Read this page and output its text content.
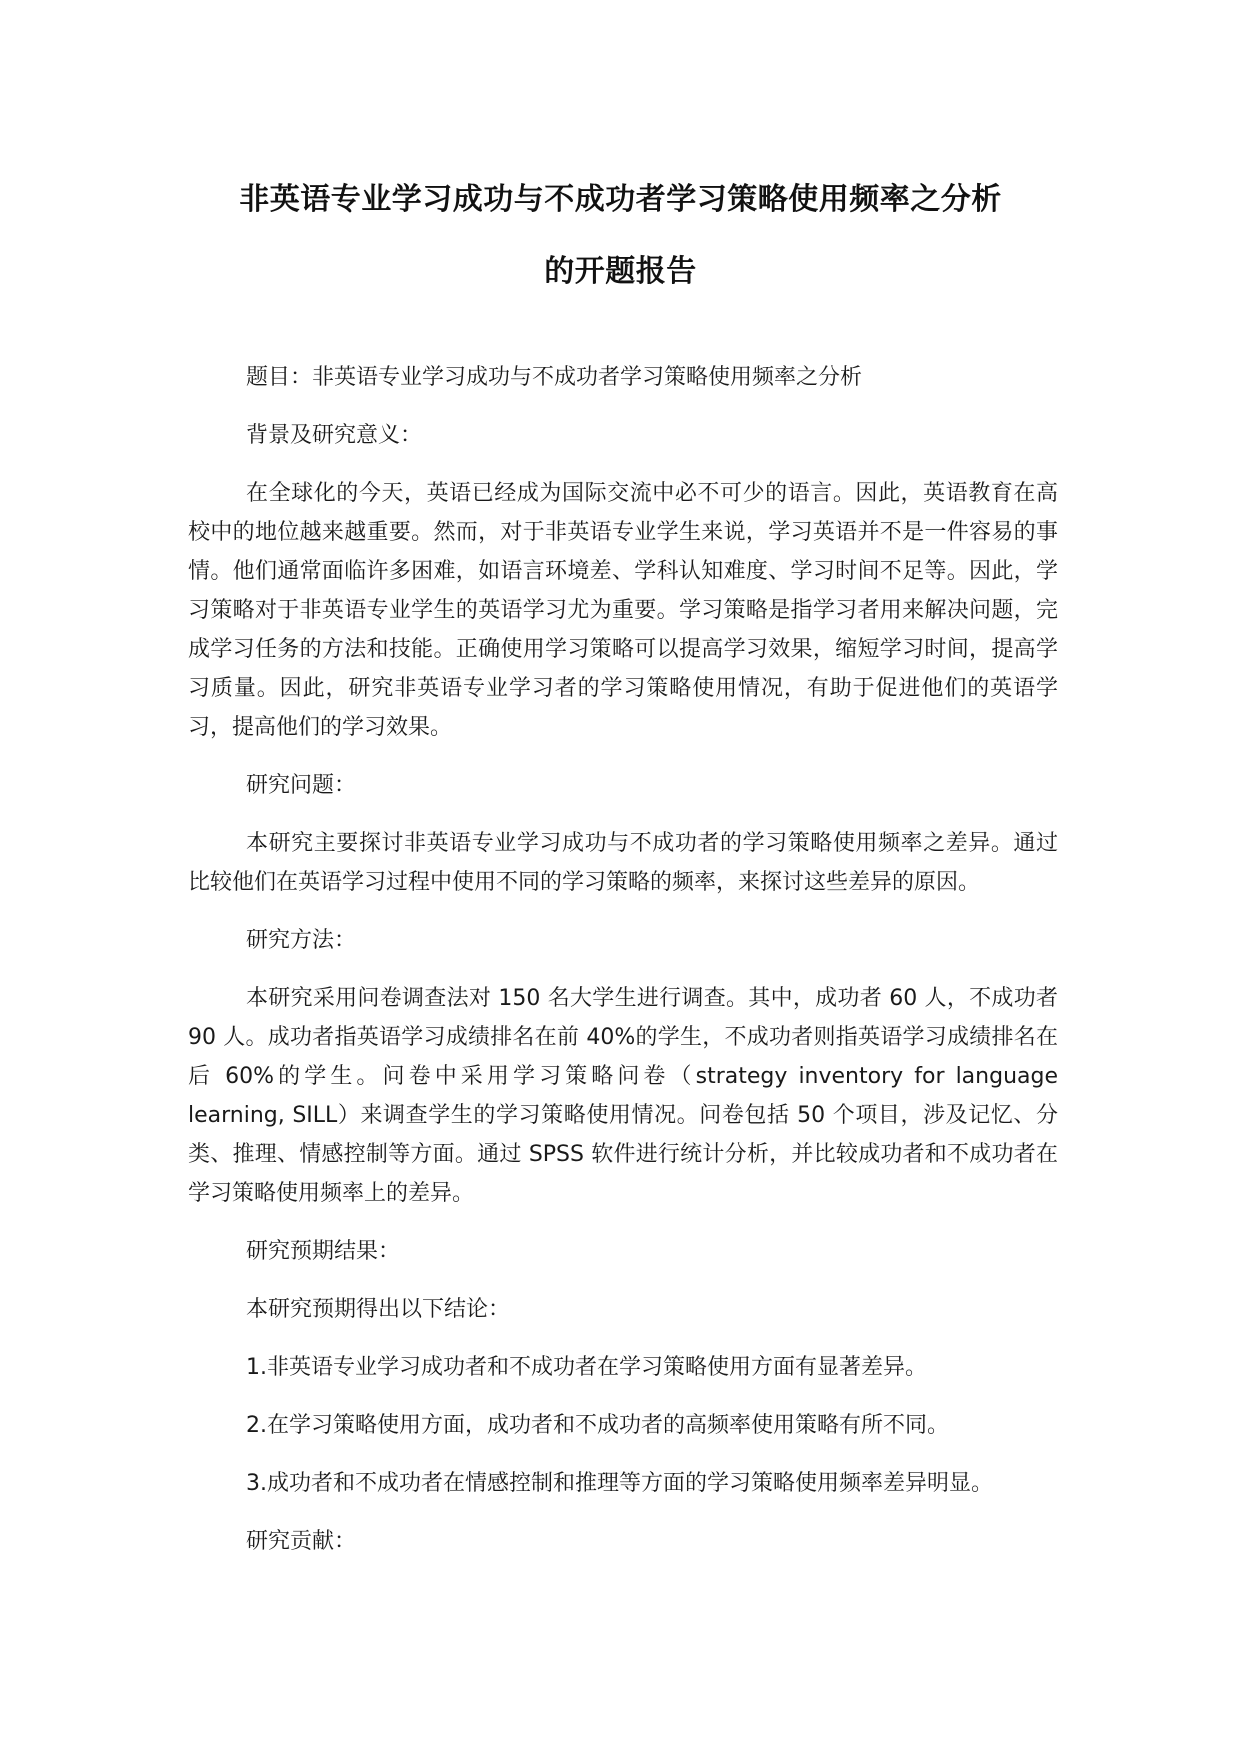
非英语专业学习成功与不成功者学习策略使用频率之分析
的开题报告

题目：非英语专业学习成功与不成功者学习策略使用频率之分析

背景及研究意义：

在全球化的今天，英语已经成为国际交流中必不可少的语言。因此，英语教育在高校中的地位越来越重要。然而，对于非英语专业学生来说，学习英语并不是一件容易的事情。他们通常面临许多困难，如语言环境差、学科认知难度、学习时间不足等。因此，学习策略对于非英语专业学生的英语学习尤为重要。学习策略是指学习者用来解决问题，完成学习任务的方法和技能。正确使用学习策略可以提高学习效果，缩短学习时间，提高学习质量。因此，研究非英语专业学习者的学习策略使用情况，有助于促进他们的英语学习，提高他们的学习效果。

研究问题：

本研究主要探讨非英语专业学习成功与不成功者的学习策略使用频率之差异。通过比较他们在英语学习过程中使用不同的学习策略的频率，来探讨这些差异的原因。

研究方法：

本研究采用问卷调查法对 150 名大学生进行调查。其中，成功者 60 人，不成功者 90 人。成功者指英语学习成绩排名在前 40%的学生，不成功者则指英语学习成绩排名在后 60%的学生。问卷中采用学习策略问卷（strategy inventory for language learning, SILL）来调查学生的学习策略使用情况。问卷包括 50 个项目，涉及记忆、分类、推理、情感控制等方面。通过 SPSS 软件进行统计分析，并比较成功者和不成功者在学习策略使用频率上的差异。

研究预期结果：

本研究预期得出以下结论：

1.非英语专业学习成功者和不成功者在学习策略使用方面有显著差异。

2.在学习策略使用方面，成功者和不成功者的高频率使用策略有所不同。

3.成功者和不成功者在情感控制和推理等方面的学习策略使用频率差异明显。

研究贡献：
